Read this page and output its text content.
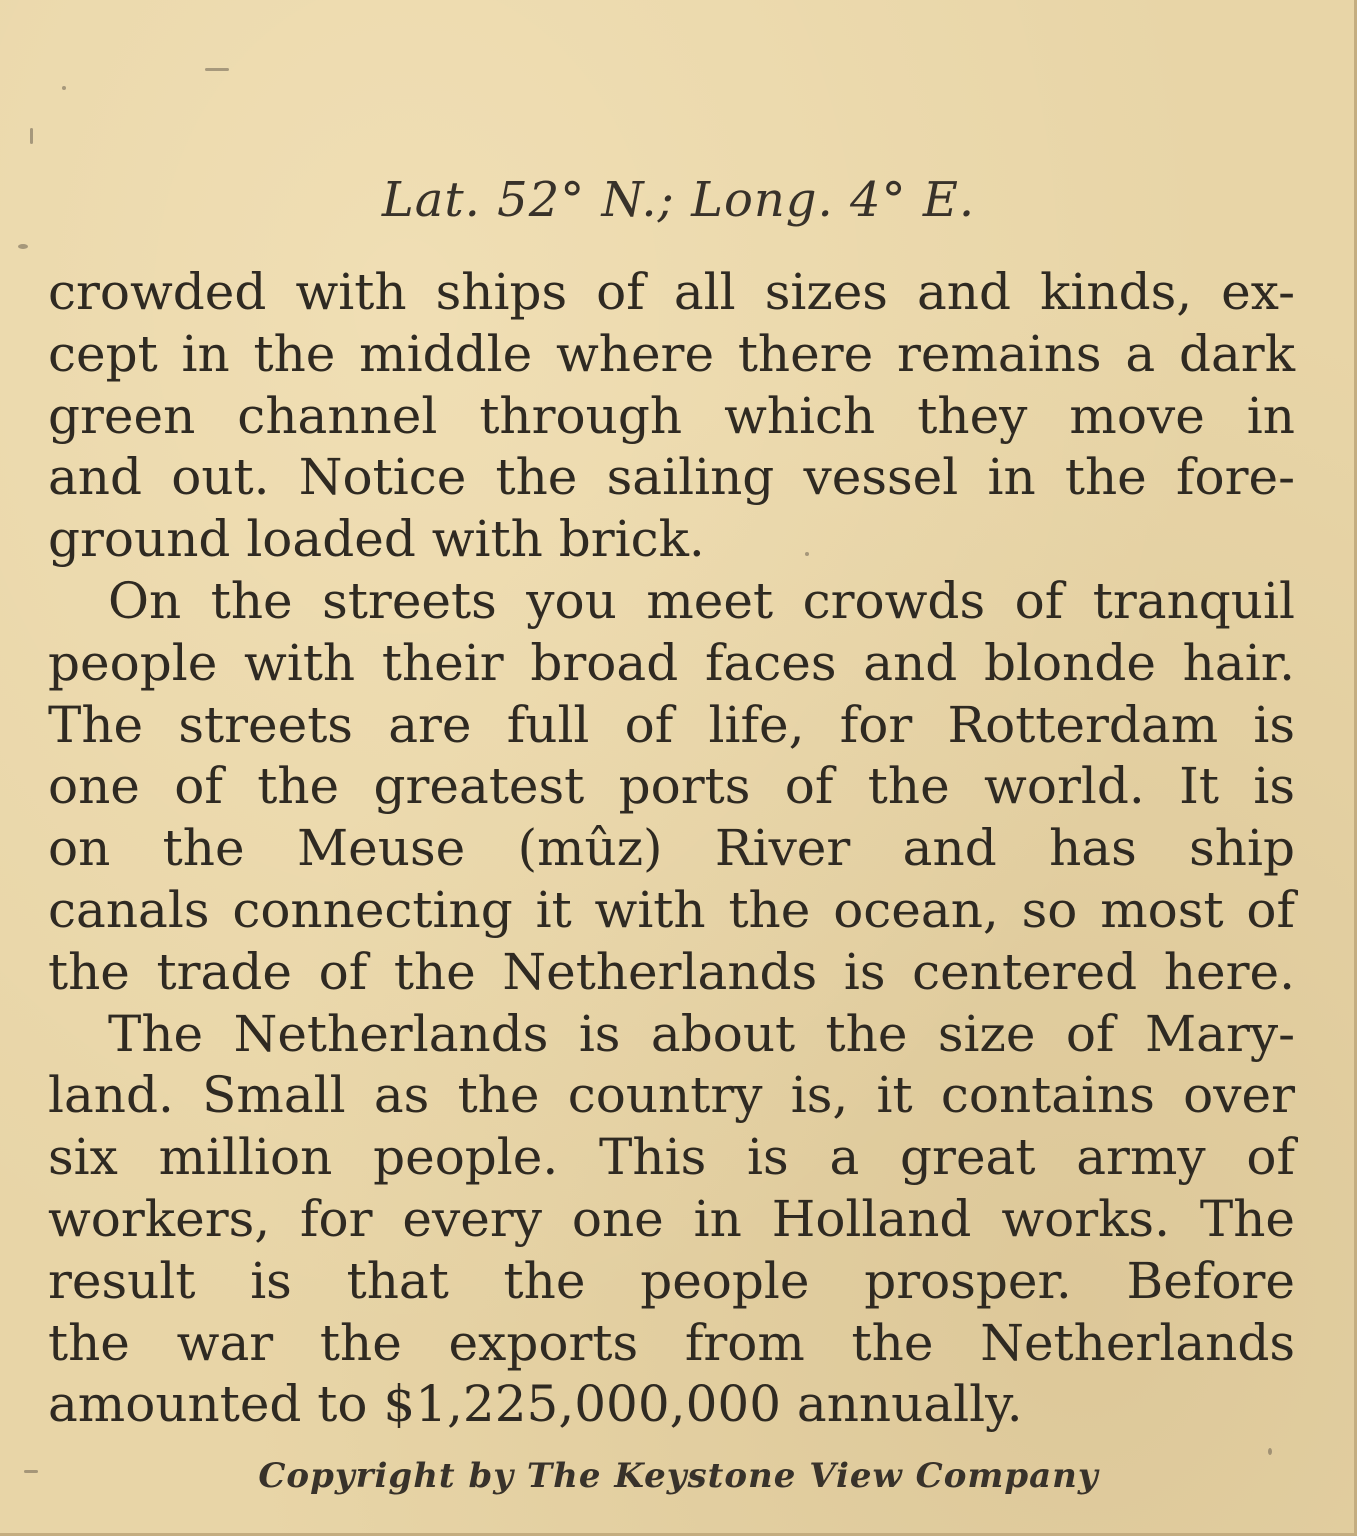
Lat. 52° N.; Long. 4° E.

crowded with ships of all sizes and kinds, ex-
cept in the middle where there remains a dark
green channel through which they move in
and out. Notice the sailing vessel in the fore-
ground loaded with brick.

On the streets you meet crowds of tranquil
people with their broad faces and blonde hair.
The streets are full of life, for Rotterdam is
one of the greatest ports of the world. It is
on the Meuse (mûz) River and has ship
canals connecting it with the ocean, so most of
the trade of the Netherlands is centered here.

The Netherlands is about the size of Mary-
land. Small as the country is, it contains over
six million people. This is a great army of
workers, for every one in Holland works. The
result is that the people prosper. Before
the war the exports from the Netherlands
amounted to $1,225,000,000 annually.

Copyright by The Keystone View Company
